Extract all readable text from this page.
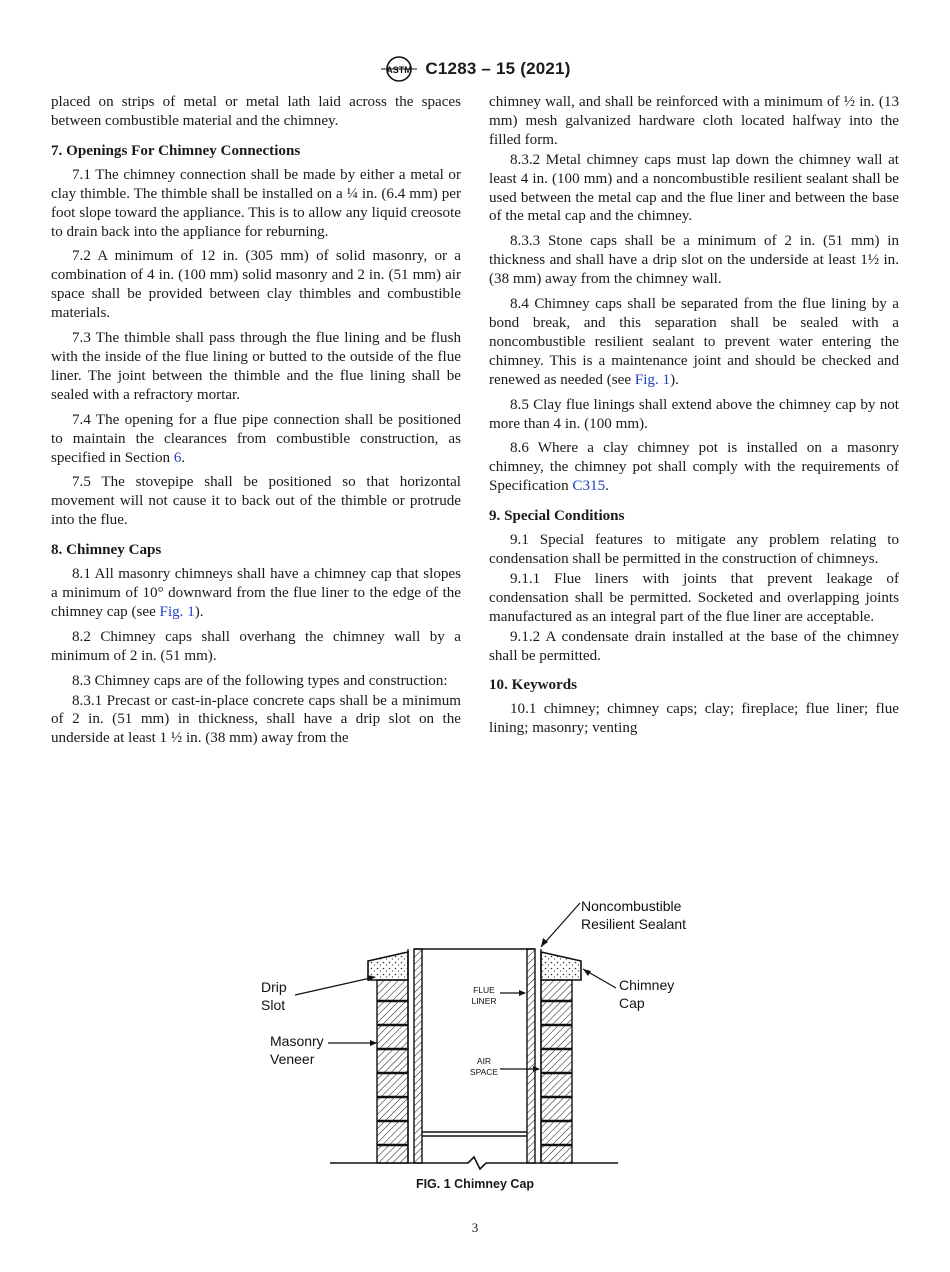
ASTM C1283 – 15 (2021)

placed on strips of metal or metal lath laid across the spaces between combustible material and the chimney.

7. Openings For Chimney Connections

7.1 The chimney connection shall be made by either a metal or clay thimble. The thimble shall be installed on a ¼ in. (6.4 mm) per foot slope toward the appliance. This is to allow any liquid creosote to drain back into the appliance for reburning.

7.2 A minimum of 12 in. (305 mm) of solid masonry, or a combination of 4 in. (100 mm) solid masonry and 2 in. (51 mm) air space shall be provided between clay thimbles and combustible materials.

7.3 The thimble shall pass through the flue lining and be flush with the inside of the flue lining or butted to the outside of the flue liner. The joint between the thimble and the flue lining shall be sealed with a refractory mortar.

7.4 The opening for a flue pipe connection shall be positioned to maintain the clearances from combustible construction, as specified in Section 6.

7.5 The stovepipe shall be positioned so that horizontal movement will not cause it to back out of the thimble or protrude into the flue.

8. Chimney Caps

8.1 All masonry chimneys shall have a chimney cap that slopes a minimum of 10° downward from the flue liner to the edge of the chimney cap (see Fig. 1).

8.2 Chimney caps shall overhang the chimney wall by a minimum of 2 in. (51 mm).

8.3 Chimney caps are of the following types and construction:

8.3.1 Precast or cast-in-place concrete caps shall be a minimum of 2 in. (51 mm) in thickness, shall have a drip slot on the underside at least 1 ½ in. (38 mm) away from the

chimney wall, and shall be reinforced with a minimum of ½ in. (13 mm) mesh galvanized hardware cloth located halfway into the filled form.

8.3.2 Metal chimney caps must lap down the chimney wall at least 4 in. (100 mm) and a noncombustible resilient sealant shall be used between the metal cap and the flue liner and between the base of the metal cap and the chimney.

8.3.3 Stone caps shall be a minimum of 2 in. (51 mm) in thickness and shall have a drip slot on the underside at least 1½ in. (38 mm) away from the chimney wall.

8.4 Chimney caps shall be separated from the flue lining by a bond break, and this separation shall be sealed with a noncombustible resilient sealant to prevent water entering the chimney. This is a maintenance joint and should be checked and renewed as needed (see Fig. 1).

8.5 Clay flue linings shall extend above the chimney cap by not more than 4 in. (100 mm).

8.6 Where a clay chimney pot is installed on a masonry chimney, the chimney pot shall comply with the requirements of Specification C315.

9. Special Conditions

9.1 Special features to mitigate any problem relating to condensation shall be permitted in the construction of chimneys.

9.1.1 Flue liners with joints that prevent leakage of condensation shall be permitted. Socketed and overlapping joints manufactured as an integral part of the flue liner are acceptable.

9.1.2 A condensate drain installed at the base of the chimney shall be permitted.

10. Keywords

10.1 chimney; chimney caps; clay; fireplace; flue liner; flue lining; masonry; venting

Noncombustible
Resilient Sealant
Drip
Slot
Chimney
Cap
Masonry
Veneer
FLUE
LINER
AIR
SPACE
FIG. 1 Chimney Cap
3
